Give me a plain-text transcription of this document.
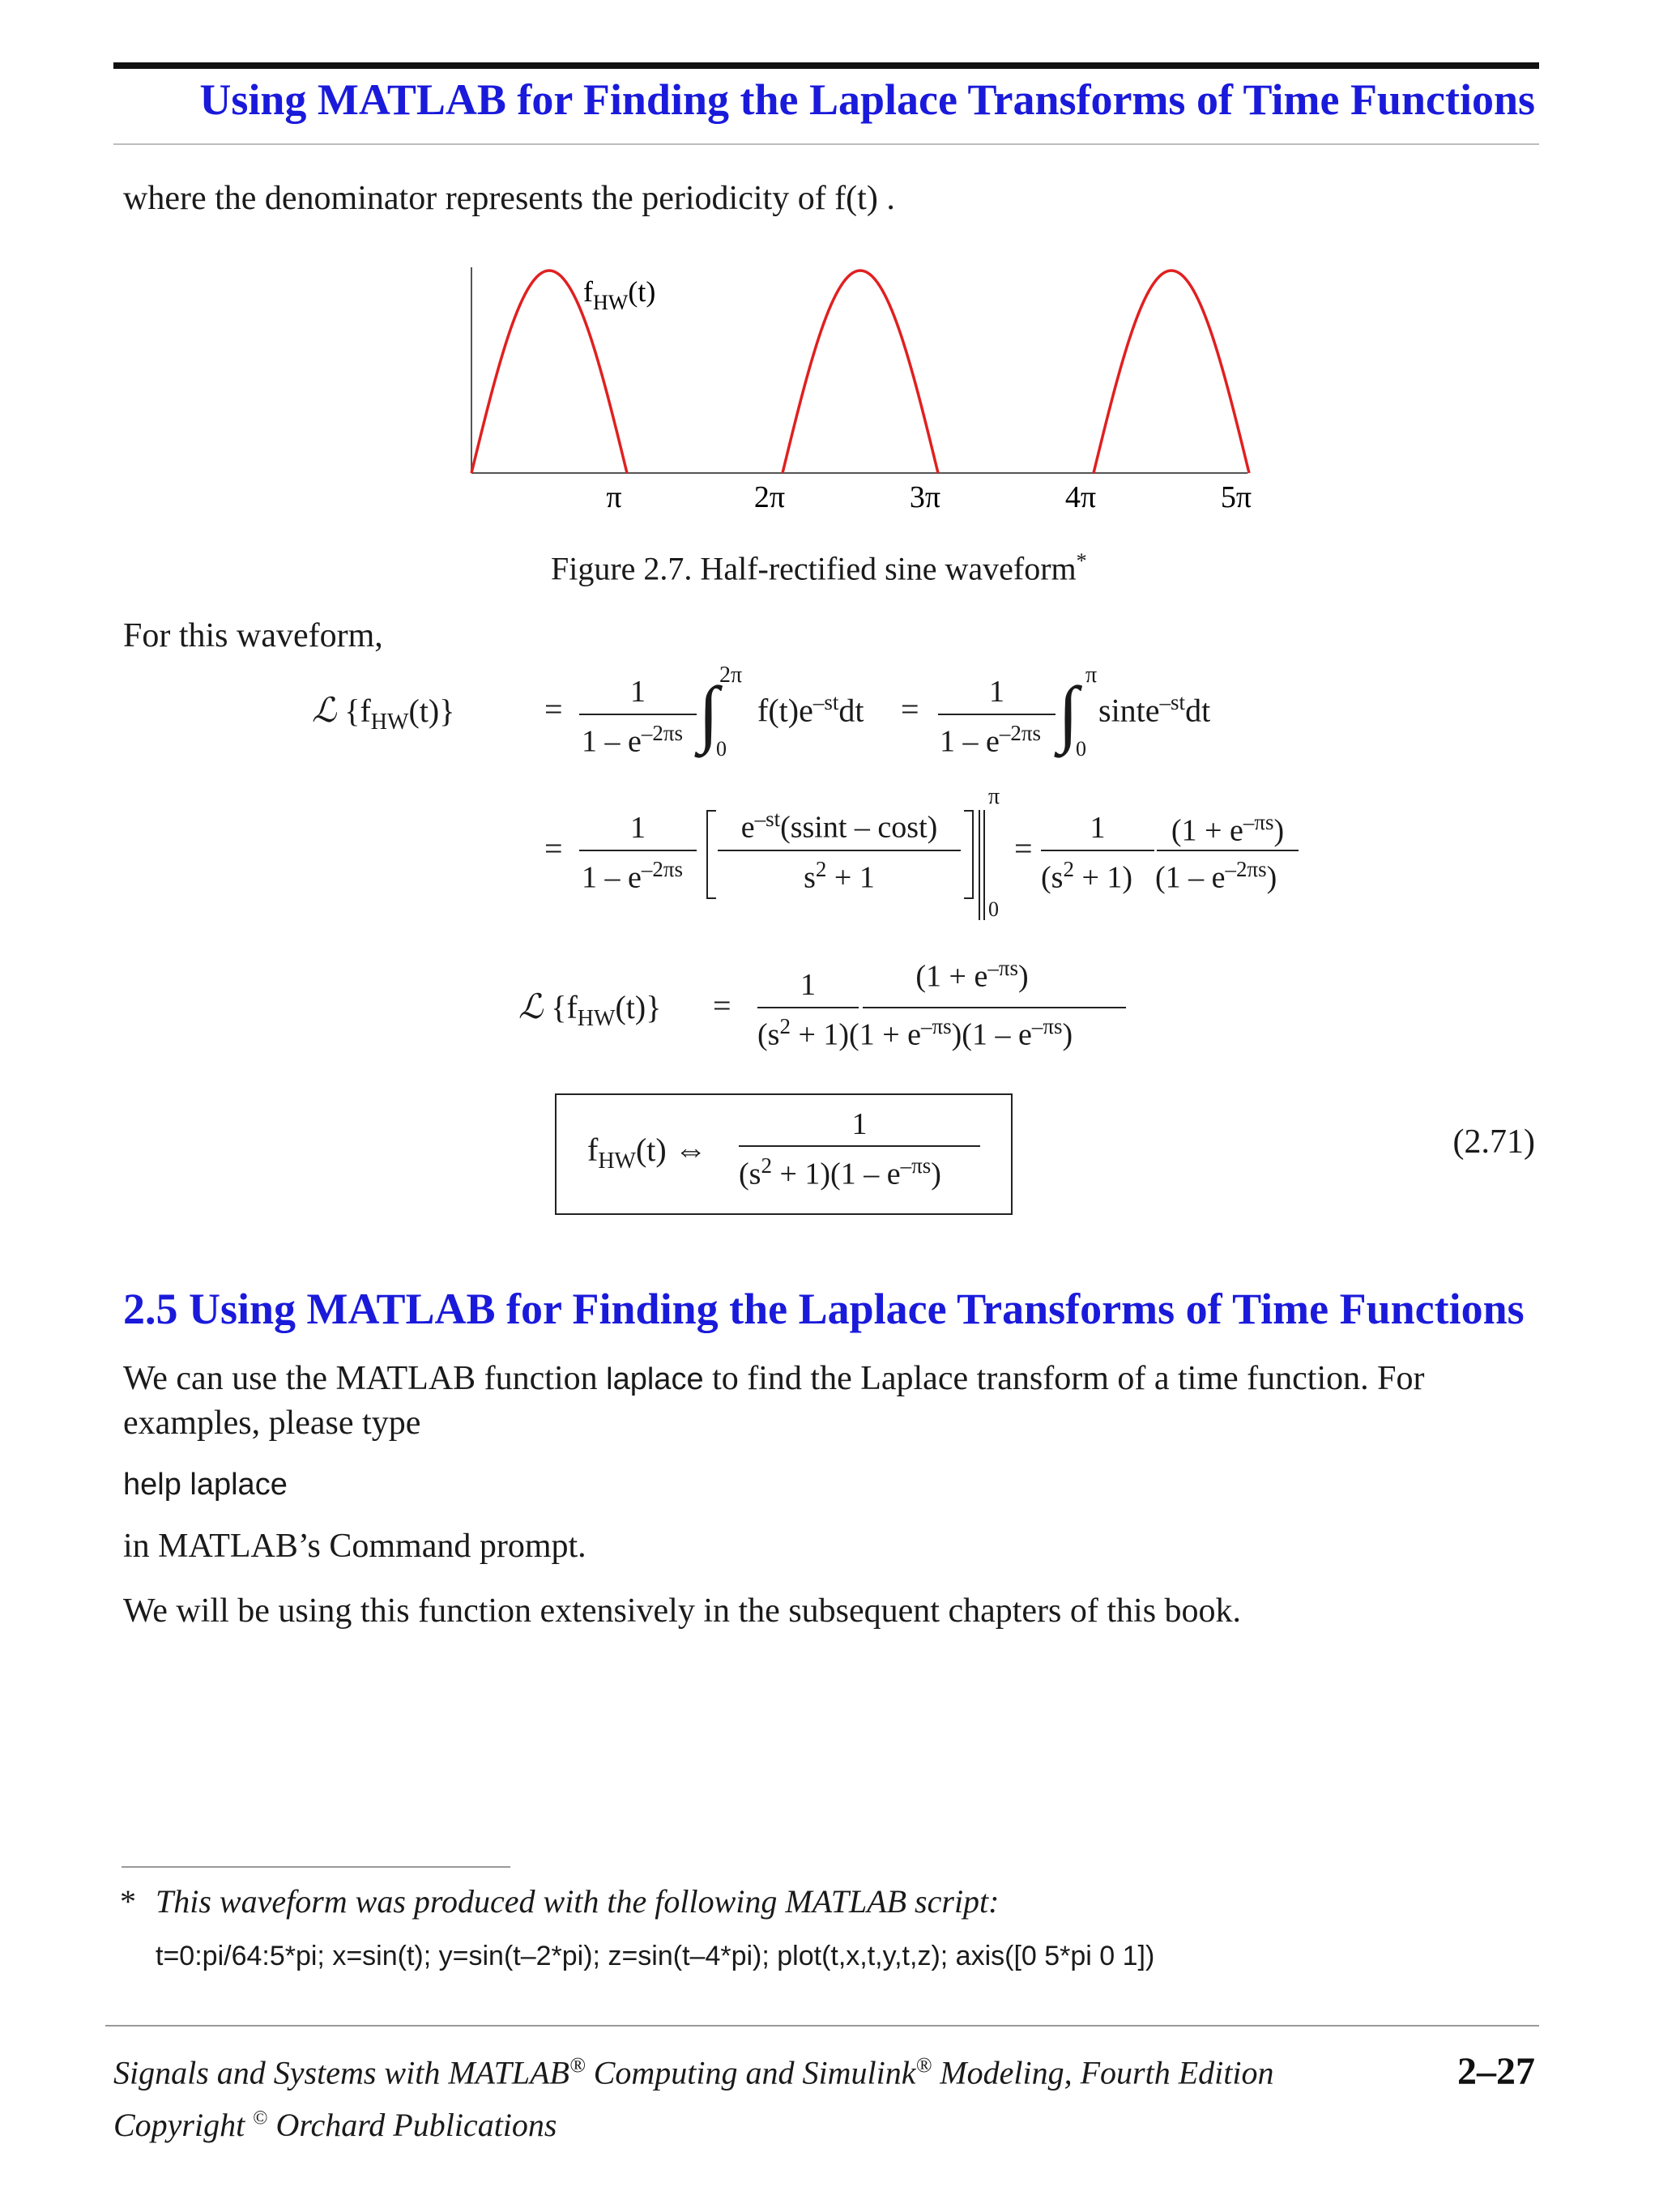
Using MATLAB for Finding the Laplace Transforms of Time Functions
where the denominator represents the periodicity of f(t) .
$f_{HW}(t)$
π	2π	3π	4π	5π
Figure 2.7. Half-rectified sine waveform*
For this waveform,
ℒ $\{f_{HW}(t)\}$	=	1
$1 - e^{-2\pi s}$ ∫ 2π
0
$f(t)e^{-st}dt$ =	1
$1 - e^{-2\pi s}$ ∫ π
0
sinte$^{-st}$dt
=
1
$1 - e^{-2\pi s}$
$e^{-st}(ssint - \cos t)$
$s^2 + 1$
π
0
=
1
$(s^2 + 1)$
$(1 + e^{-\pi s})$
$(1 - e^{-2\pi s})$
ℒ $\{f_{HW}(t)\}$ =
1	$(1 + e^{-\pi s})$
$(s^2 + 1)(1 + e^{-\pi s})(1 - e^{-\pi s})$
$f_{HW}(t)$ ⇔
1
$(s^2 + 1)(1 - e^{-\pi s})$
(2.71)
2.5 Using MATLAB for Finding the Laplace Transforms of Time Functions
We can use the MATLAB function laplace to find the Laplace transform of a time function. For examples, please type
help laplace
in MATLAB’s Command prompt.
We will be using this function extensively in the subsequent chapters of this book.
* This waveform was produced with the following MATLAB script:
t=0:pi/64:5*pi; x=sin(t); y=sin(t–2*pi); z=sin(t–4*pi); plot(t,x,t,y,t,z); axis([0 5*pi 0 1])
Signals and Systems with MATLAB® Computing and Simulink® Modeling, Fourth Edition
Copyright © Orchard Publications
2–27
